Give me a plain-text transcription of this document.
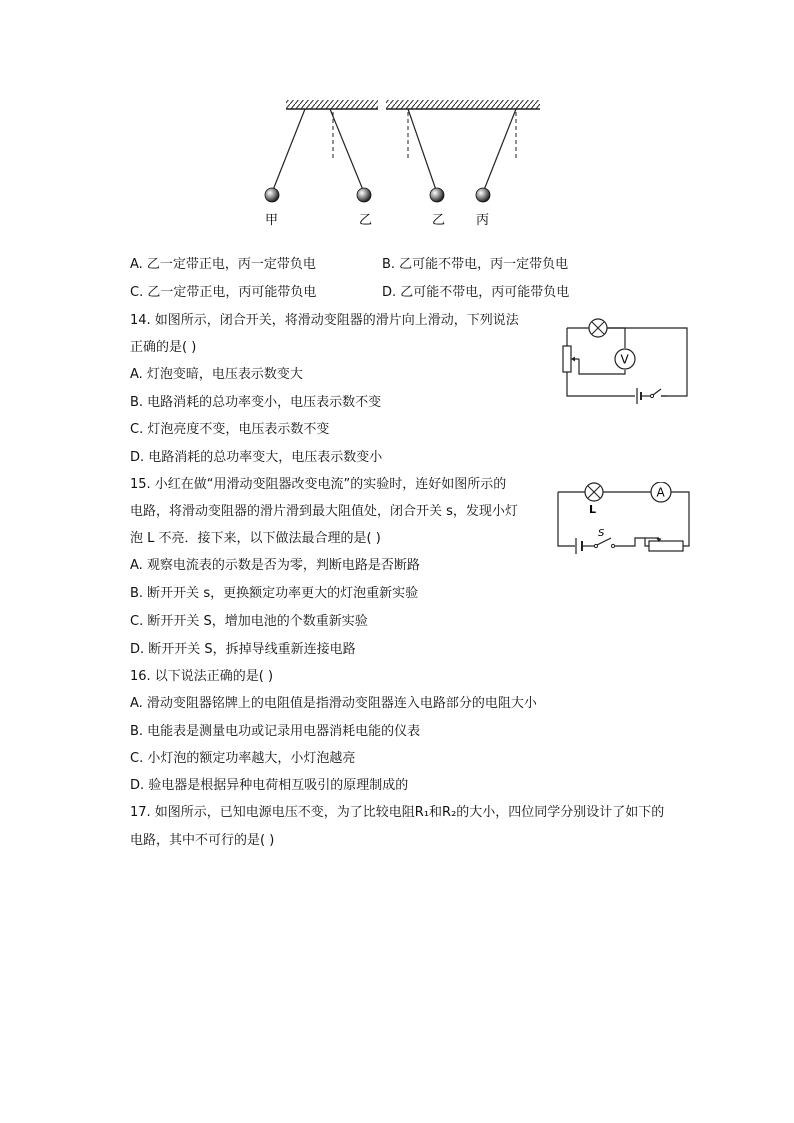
甲	乙	乙 丙
A. 乙一定带正电，丙一定带负电	B. 乙可能不带电，丙一定带负电
C. 乙一定带正电，丙可能带负电	D. 乙可能不带电，丙可能带负电
14. 如图所示，闭合开关，将滑动变阻器的滑片向上滑动，下列说法
正确的是( )
V
A. 灯泡变暗，电压表示数变大
B. 电路消耗的总功率变小，电压表示数不变
C. 灯泡亮度不变，电压表示数不变
D. 电路消耗的总功率变大，电压表示数变小
15. 小红在做“用滑动变阻器改变电流”的实验时，连好如图所示的
电路，将滑动变阻器的滑片滑到最大阻值处，闭合开关 s，发现小灯
泡 L 不亮．接下来，以下做法最合理的是( )
L
A
S
A. 观察电流表的示数是否为零，判断电路是否断路
B. 断开开关 s，更换额定功率更大的灯泡重新实验
C. 断开开关 S，增加电池的个数重新实验
D. 断开开关 S，拆掉导线重新连接电路
16. 以下说法正确的是( )
A. 滑动变阻器铭牌上的电阻值是指滑动变阻器连入电路部分的电阻大小
B. 电能表是测量电功或记录用电器消耗电能的仪表
C. 小灯泡的额定功率越大，小灯泡越亮
D. 验电器是根据异种电荷相互吸引的原理制成的
17. 如图所示，已知电源电压不变，为了比较电阻R₁和R₂的大小，四位同学分别设计了如下的
电路，其中不可行的是( )
